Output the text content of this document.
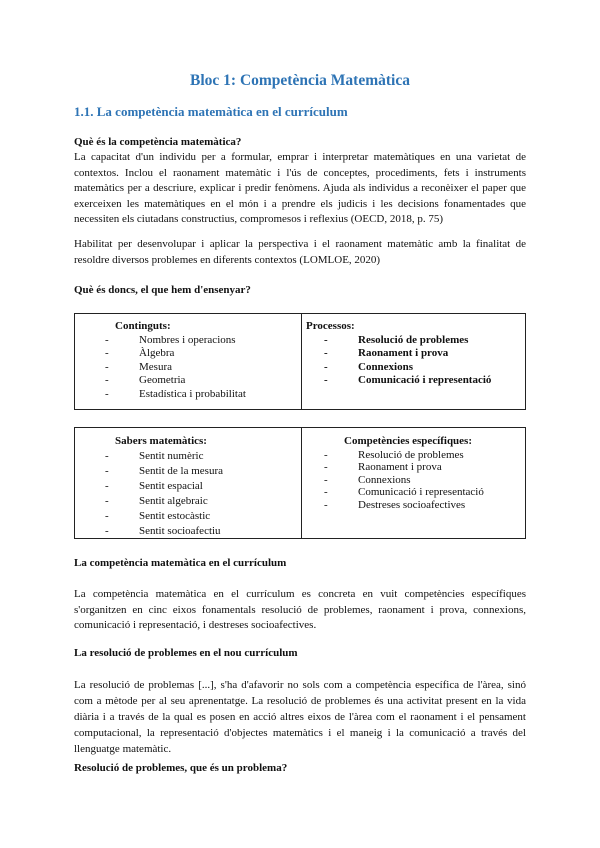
Bloc 1: Competència Matemàtica
1.1. La competència matemàtica en el currículum
Què és la competència matemàtica?
La capacitat d'un individu per a formular, emprar i interpretar matemàtiques en una varietat de contextos. Inclou el raonament matemàtic i l'ús de conceptes, procediments, fets i instruments matemàtics per a descriure, explicar i predir fenòmens. Ajuda als individus a reconèixer el paper que exerceixen les matemàtiques en el món i a prendre els judicis i les decisions fonamentades que necessiten els ciutadans constructius, compromesos i reflexius (OECD, 2018, p. 75)
Habilitat per desenvolupar i aplicar la perspectiva i el raonament matemàtic amb la finalitat de resoldre diversos problemes en diferents contextos (LOMLOE, 2020)
Què és doncs, el que hem d'ensenyar?
Continguts:
- Nombres i operacions
- Àlgebra
- Mesura
- Geometria
- Estadística i probabilitat
Processos:
- Resolució de problemes
- Raonament i prova
- Connexions
- Comunicació i representació
Sabers matemàtics:
- Sentit numèric
- Sentit de la mesura
- Sentit espacial
- Sentit algebraic
- Sentit estocàstic
- Sentit socioafectiu
Competències específiques:
- Resolució de problemes
- Raonament i prova
- Connexions
- Comunicació i representació
- Destreses socioafectives
La competència matemàtica en el currículum
La competència matemàtica en el currículum es concreta en vuit competències específiques s'organitzen en cinc eixos fonamentals resolució de problemes, raonament i prova, connexions, comunicació i representació, i destreses socioafectives.
La resolució de problemes en el nou currículum
La resolució de problemas [...], s'ha d'afavorir no sols com a competència específica de l'àrea, sinó com a mètode per al seu aprenentatge. La resolució de problemes és una activitat present en la vida diària i a través de la qual es posen en acció altres eixos de l'àrea com el raonament i el pensament computacional, la representació d'objectes matemàtics i el maneig i la comunicació a través del llenguatge matemàtic.
Resolució de problemes, que és un problema?
